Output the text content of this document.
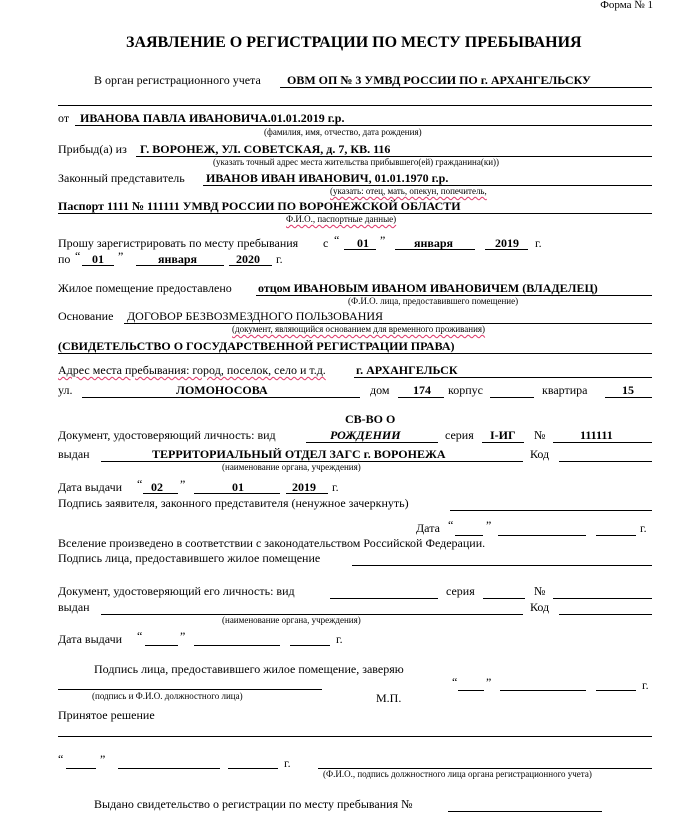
Форма № 1
ЗАЯВЛЕНИЕ О РЕГИСТРАЦИИ ПО МЕСТУ ПРЕБЫВАНИЯ
В орган регистрационного учета ОВМ ОП № 3 УМВД РОССИИ ПО г. АРХАНГЕЛЬСКУ
от ИВАНОВА ПАВЛА ИВАНОВИЧА.01.01.2019 г.р.
(фамилия, имя, отчество, дата рождения)
Прибыд(а) из Г. ВОРОНЕЖ, УЛ. СОВЕТСКАЯ, д. 7, КВ. 116
(указать точный адрес места жительства прибывшего(ей) гражданина(ки))
Законный представитель ИВАНОВ ИВАН ИВАНОВИЧ, 01.01.1970 г.р.
(указать: отец, мать, опекун, попечитель,
Паспорт 1111 № 111111 УМВД РОССИИ ПО ВОРОНЕЖСКОЙ ОБЛАСТИ
Ф.И.О., паспортные данные)
Прошу зарегистрировать по месту пребывания с “ 01 ” января	2019 г.
по “ 01 ”	января	2020 г.
Жилое помещение предоставлено отцом ИВАНОВЫМ ИВАНОМ ИВАНОВИЧЕМ (ВЛАДЕЛЕЦ)
(Ф.И.О. лица, предоставившего помещение)
Основание ДОГОВОР БЕЗВОЗМЕЗДНОГО ПОЛЬЗОВАНИЯ
(документ, являющийся основанием для временного проживания)
(СВИДЕТЕЛЬСТВО О ГОСУДАРСТВЕННОЙ РЕГИСТРАЦИИ ПРАВА)
Адрес места пребывания: город, поселок, село и т.д.	г. АРХАНГЕЛЬСК
ул.	ЛОМОНОСОВА	дом 174 корпус	квартира	15
СВ-ВО О
Документ, удостоверяющий личность: вид	РОЖДЕНИИ	серия I-ИГ №	111111
выдан	ТЕРРИТОРИАЛЬНЫЙ ОТДЕЛ ЗАГС г. ВОРОНЕЖА	Код
(наименование органа, учреждения)
Дата выдачи “ 02 ”	01	2019 г.
Подпись заявителя, законного представителя (ненужное зачеркнуть)
Дата “	”	г.
Вселение произведено в соответствии с законодательством Российской Федерации.
Подпись лица, предоставившего жилое помещение
Документ, удостоверяющий его личность: вид	серия	№
выдан	Код
(наименование органа, учреждения)
Дата выдачи “	”	г.
Подпись лица, предоставившего жилое помещение, заверяю
(подпись и Ф.И.О. должностного лица)	М.П.
“ ”	г.
Принятое решение
“	”	г.
(Ф.И.О., подпись должностного лица органа регистрационного учета)
Выдано свидетельство о регистрации по месту пребывания №
